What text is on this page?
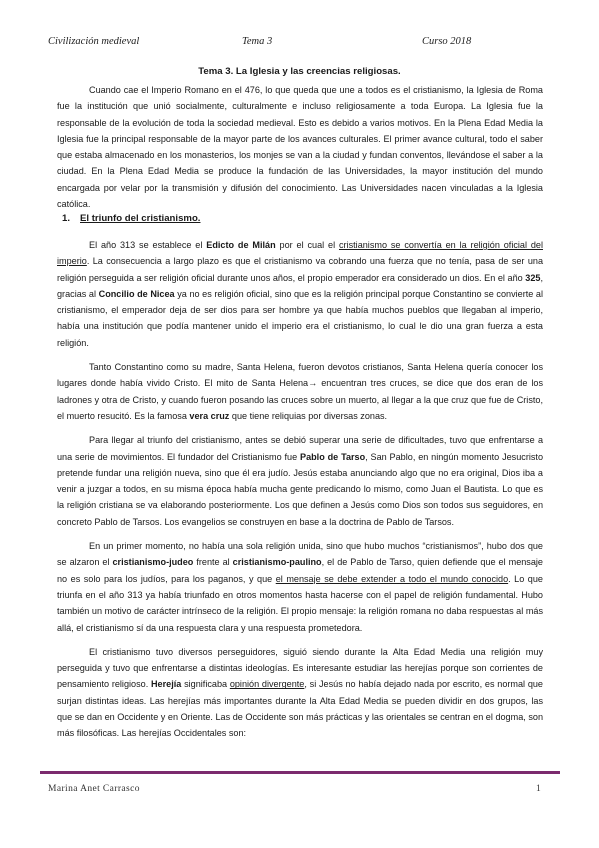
Civilización medieval	Tema 3	Curso 2018
Tema 3. La Iglesia y las creencias religiosas.

Cuando cae el Imperio Romano en el 476, lo que queda que une a todos es el cristianismo, la Iglesia de Roma fue la institución que unió socialmente, culturalmente e incluso religiosamente a toda Europa. La Iglesia fue la responsable de la evolución de toda la sociedad medieval. Esto es debido a varios motivos. En la Plena Edad Media la Iglesia fue la principal responsable de la mayor parte de los avances culturales. El primer avance cultural, todo el saber que estaba almacenado en los monasterios, los monjes se van a la ciudad y fundan conventos, llevándose el saber a la ciudad. En la Plena Edad Media se produce la fundación de las Universidades, la mayor institución del mundo encargada por velar por la transmisión y difusión del conocimiento. Las Universidades nacen vinculadas a la Iglesia católica.

1. El triunfo del cristianismo.

El año 313 se establece el Edicto de Milán por el cual el cristianismo se convertía en la religión oficial del imperio. La consecuencia a largo plazo es que el cristianismo va cobrando una fuerza que no tenía, pasa de ser una religión perseguida a ser religión oficial durante unos años, el propio emperador era considerado un dios. En el año 325, gracias al Concilio de Nicea ya no es religión oficial, sino que es la religión principal porque Constantino se convierte al cristianismo, el emperador deja de ser dios para ser hombre ya que había muchos pueblos que llegaban al imperio, había una institución que podía mantener unido el imperio era el cristianismo, lo cual le dio una gran fuerza a esta religión.

Tanto Constantino como su madre, Santa Helena, fueron devotos cristianos, Santa Helena quería conocer los lugares donde había vivido Cristo. El mito de Santa Helena→ encuentran tres cruces, se dice que dos eran de los ladrones y otra de Cristo, y cuando fueron posando las cruces sobre un muerto, al llegar a la que cruz que fue de Cristo, el muerto resucitó. Es la famosa vera cruz que tiene reliquias por diversas zonas.

Para llegar al triunfo del cristianismo, antes se debió superar una serie de dificultades, tuvo que enfrentarse a una serie de movimientos. El fundador del Cristianismo fue Pablo de Tarso, San Pablo, en ningún momento Jesucristo pretende fundar una religión nueva, sino que él era judío. Jesús estaba anunciando algo que no era original, Dios iba a venir a juzgar a todos, en su misma época había mucha gente predicando lo mismo, como Juan el Bautista. Lo que es la religión cristiana se va elaborando posteriormente. Los que definen a Jesús como Dios son todos sus seguidores, en concreto Pablo de Tarsos. Los evangelios se construyen en base a la doctrina de Pablo de Tarsos.

En un primer momento, no había una sola religión unida, sino que hubo muchos “cristianismos”, hubo dos que se alzaron el cristianismo-judeo frente al cristianismo-paulino, el de Pablo de Tarso, quien defiende que el mensaje no es solo para los judíos, para los paganos, y que el mensaje se debe extender a todo el mundo conocido. Lo que triunfa en el año 313 ya había triunfado en otros momentos hasta hacerse con el papel de religión fundamental. Hubo también un motivo de carácter intrínseco de la religión. El propio mensaje: la religión romana no daba respuestas al más allá, el cristianismo sí da una respuesta clara y una respuesta prometedora.

El cristianismo tuvo diversos perseguidores, siguió siendo durante la Alta Edad Media una religión muy perseguida y tuvo que enfrentarse a distintas ideologías. Es interesante estudiar las herejías porque son corrientes de pensamiento religioso. Herejía significaba opinión divergente, si Jesús no había dejado nada por escrito, es normal que surjan distintas ideas. Las herejías más importantes durante la Alta Edad Media se pueden dividir en dos grupos, las que se dan en Occidente y en Oriente. Las de Occidente son más prácticas y las orientales se centran en el dogma, son más filosóficas. Las herejías Occidentales son:

Marina Anet Carrasco	1
